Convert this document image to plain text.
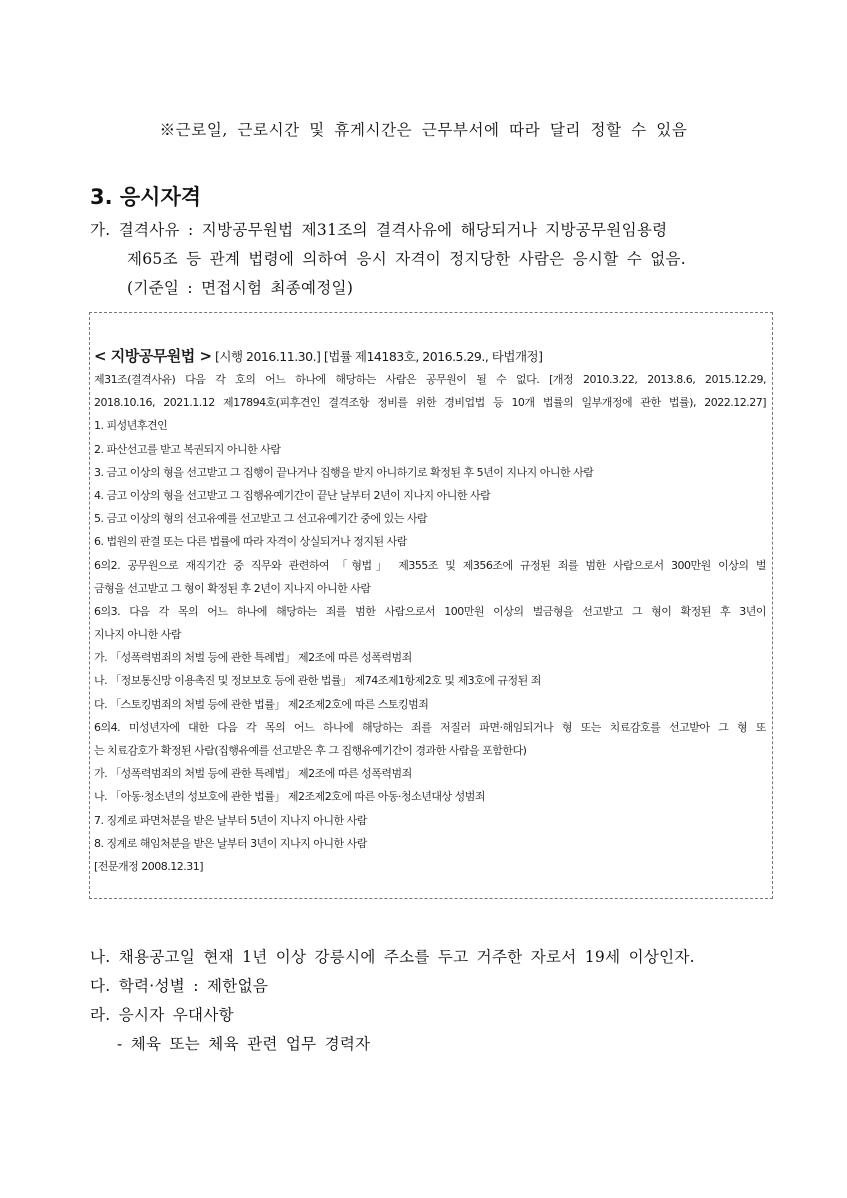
※근로일, 근로시간 및 휴게시간은 근무부서에 따라 달리 정할 수 있음
3. 응시자격
가. 결격사유 : 지방공무원법 제31조의 결격사유에 해당되거나 지방공무원임용령
제65조 등 관계 법령에 의하여 응시 자격이 정지당한 사람은 응시할 수 없음.
(기준일 : 면접시험 최종예정일)
< 지방공무원법 > [시행 2016.11.30.] [법률 제14183호, 2016.5.29., 타법개정]
제31조(결격사유) 다음 각 호의 어느 하나에 해당하는 사람은 공무원이 될 수 없다. [개정 2010.3.22, 2013.8.6, 2015.12.29,
2018.10.16, 2021.1.12 제17894호(피후견인 결격조항 정비를 위한 경비업법 등 10개 법률의 일부개정에 관한 법률), 2022.12.27]
1. 피성년후견인
2. 파산선고를 받고 복권되지 아니한 사람
3. 금고 이상의 형을 선고받고 그 집행이 끝나거나 집행을 받지 아니하기로 확정된 후 5년이 지나지 아니한 사람
4. 금고 이상의 형을 선고받고 그 집행유예기간이 끝난 날부터 2년이 지나지 아니한 사람
5. 금고 이상의 형의 선고유예를 선고받고 그 선고유예기간 중에 있는 사람
6. 법원의 판결 또는 다른 법률에 따라 자격이 상실되거나 정지된 사람
6의2. 공무원으로 재직기간 중 직무와 관련하여 「형법」 제355조 및 제356조에 규정된 죄를 범한 사람으로서 300만원 이상의 벌
금형을 선고받고 그 형이 확정된 후 2년이 지나지 아니한 사람
6의3. 다음 각 목의 어느 하나에 해당하는 죄를 범한 사람으로서 100만원 이상의 벌금형을 선고받고 그 형이 확정된 후 3년이
지나지 아니한 사람
가. 「성폭력범죄의 처벌 등에 관한 특례법」 제2조에 따른 성폭력범죄
나. 「정보통신망 이용촉진 및 정보보호 등에 관한 법률」 제74조제1항제2호 및 제3호에 규정된 죄
다. 「스토킹범죄의 처벌 등에 관한 법률」 제2조제2호에 따른 스토킹범죄
6의4. 미성년자에 대한 다음 각 목의 어느 하나에 해당하는 죄를 저질러 파면·해임되거나 형 또는 치료감호를 선고받아 그 형 또
는 치료감호가 확정된 사람(집행유예를 선고받은 후 그 집행유예기간이 경과한 사람을 포함한다)
가. 「성폭력범죄의 처벌 등에 관한 특례법」 제2조에 따른 성폭력범죄
나. 「아동·청소년의 성보호에 관한 법률」 제2조제2호에 따른 아동·청소년대상 성범죄
7. 징계로 파면처분을 받은 날부터 5년이 지나지 아니한 사람
8. 징계로 해임처분을 받은 날부터 3년이 지나지 아니한 사람
[전문개정 2008.12.31]
나. 채용공고일 현재 1년 이상 강릉시에 주소를 두고 거주한 자로서 19세 이상인자.
다. 학력·성별 : 제한없음
라. 응시자 우대사항
- 체육 또는 체육 관련 업무 경력자
